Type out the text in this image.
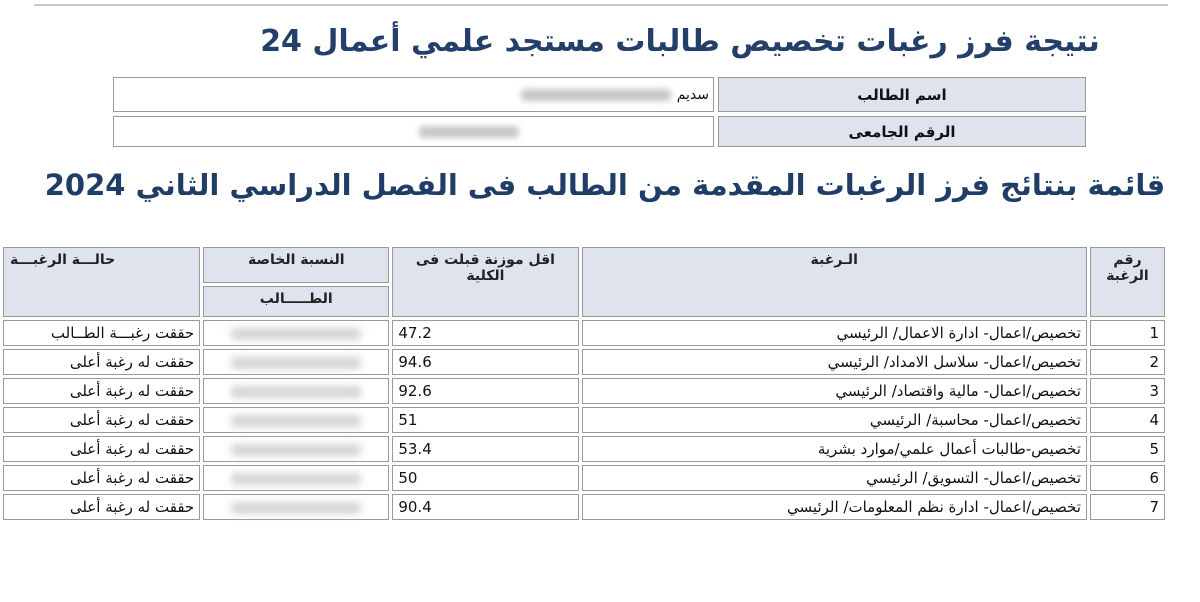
نتيجة فرز رغبات تخصيص طالبات مستجد علمي أعمال 24
اسم الطالب
سديم
الرقم الجامعى
قائمة بنتائج فرز الرغبات المقدمة من الطالب فى الفصل الدراسي الثاني 2024
رقم الرغبة	الـرغبة	اقل موزنة قبلت فى الكلية	النسبة الخاصة	حالـــة الرغبـــة
			الطـــــالب	
1	تخصيص/اعمال- ادارة الاعمال/ الرئيسي	47.2		حققت رغبـــة الطــالب
2	تخصيص/اعمال- سلاسل الامداد/ الرئيسي	94.6		حققت له رغبة أعلى
3	تخصيص/اعمال- مالية واقتصاد/ الرئيسي	92.6		حققت له رغبة أعلى
4	تخصيص/اعمال- محاسبة/ الرئيسي	51		حققت له رغبة أعلى
5	تخصيص-طالبات أعمال علمي/موارد بشرية	53.4		حققت له رغبة أعلى
6	تخصيص/اعمال- التسويق/ الرئيسي	50		حققت له رغبة أعلى
7	تخصيص/اعمال- ادارة نظم المعلومات/ الرئيسي	90.4		حققت له رغبة أعلى
